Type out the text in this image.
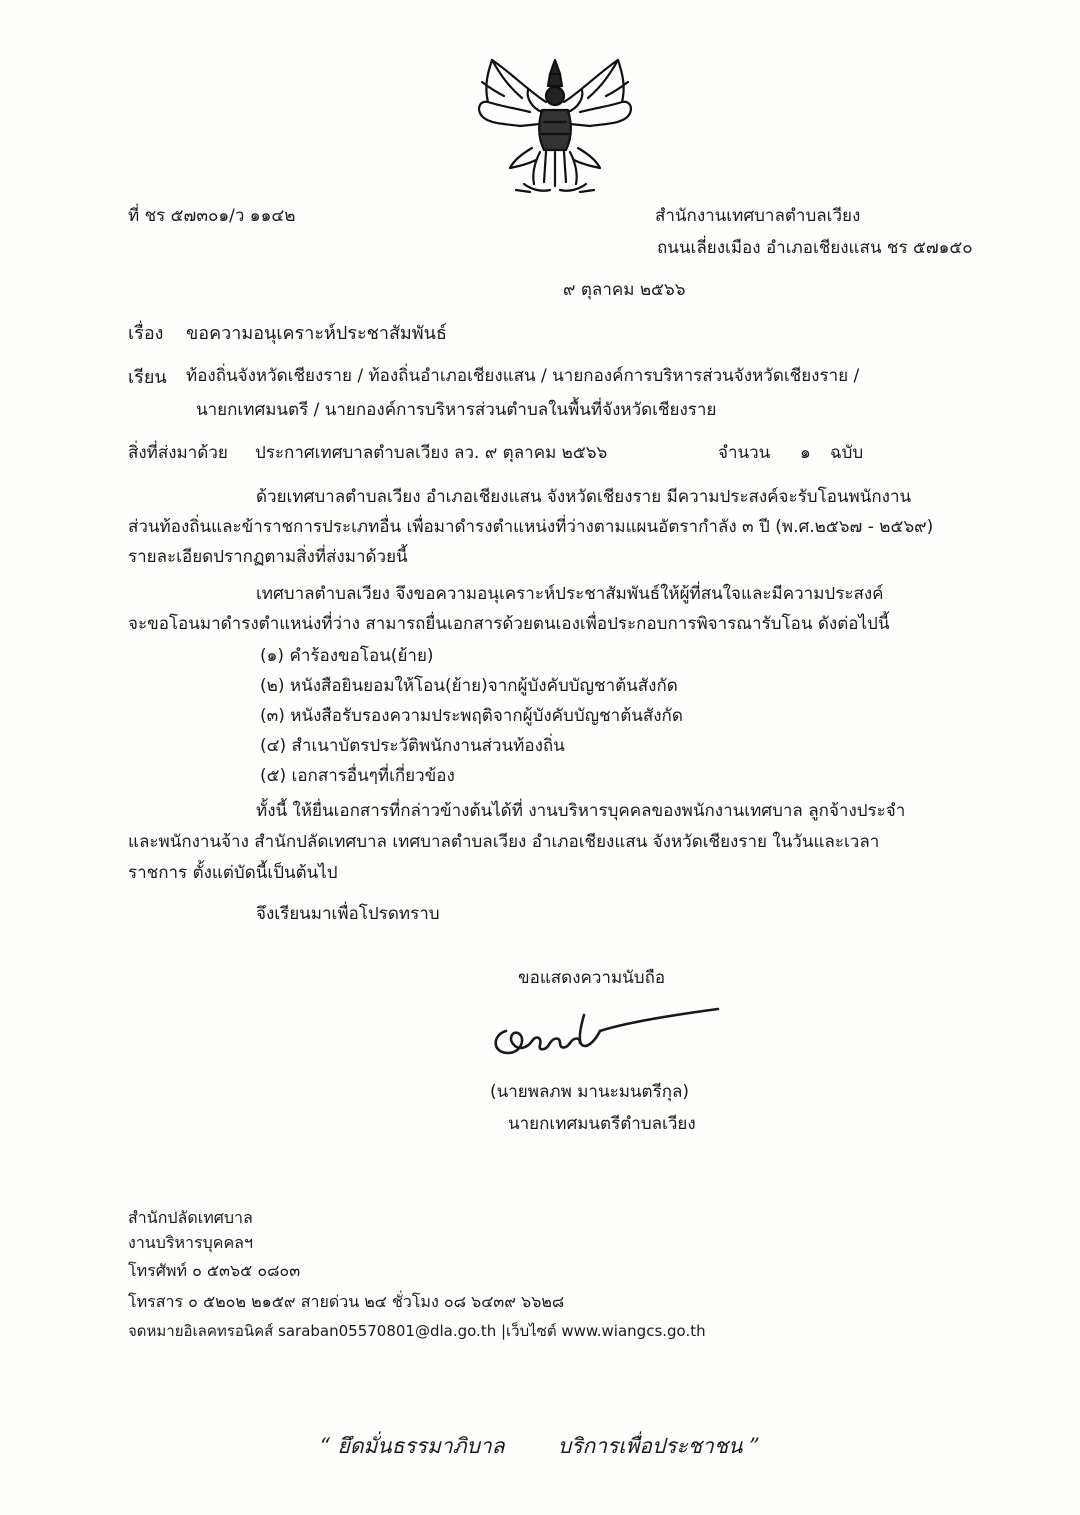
ที่ ชร ๕๗๓๐๑/ว ๑๑๔๒	สำนักงานเทศบาลตำบลเวียง
ถนนเลี่ยงเมือง อำเภอเชียงแสน ชร ๕๗๑๕๐
๙ ตุลาคม ๒๕๖๖
เรื่อง ขอความอนุเคราะห์ประชาสัมพันธ์
เรียน ท้องถิ่นจังหวัดเชียงราย / ท้องถิ่นอำเภอเชียงแสน / นายกองค์การบริหารส่วนจังหวัดเชียงราย /
นายกเทศมนตรี / นายกองค์การบริหารส่วนตำบลในพื้นที่จังหวัดเชียงราย
สิ่งที่ส่งมาด้วย ประกาศเทศบาลตำบลเวียง ลว. ๙ ตุลาคม ๒๕๖๖	จำนวน ๑ ฉบับ
ด้วยเทศบาลตำบลเวียง อำเภอเชียงแสน จังหวัดเชียงราย มีความประสงค์จะรับโอนพนักงาน
ส่วนท้องถิ่นและข้าราชการประเภทอื่น เพื่อมาดำรงตำแหน่งที่ว่างตามแผนอัตรากำลัง ๓ ปี (พ.ศ.๒๕๖๗ - ๒๕๖๙)
รายละเอียดปรากฏตามสิ่งที่ส่งมาด้วยนี้
เทศบาลตำบลเวียง จึงขอความอนุเคราะห์ประชาสัมพันธ์ให้ผู้ที่สนใจและมีความประสงค์
จะขอโอนมาดำรงตำแหน่งที่ว่าง สามารถยื่นเอกสารด้วยตนเองเพื่อประกอบการพิจารณารับโอน ดังต่อไปนี้
(๑) คำร้องขอโอน(ย้าย)
(๒) หนังสือยินยอมให้โอน(ย้าย)จากผู้บังคับบัญชาต้นสังกัด
(๓) หนังสือรับรองความประพฤติจากผู้บังคับบัญชาต้นสังกัด
(๔) สำเนาบัตรประวัติพนักงานส่วนท้องถิ่น
(๕) เอกสารอื่นๆที่เกี่ยวข้อง
ทั้งนี้ ให้ยื่นเอกสารที่กล่าวข้างต้นได้ที่ งานบริหารบุคคลของพนักงานเทศบาล ลูกจ้างประจำ
และพนักงานจ้าง สำนักปลัดเทศบาล เทศบาลตำบลเวียง อำเภอเชียงแสน จังหวัดเชียงราย ในวันและเวลา
ราชการ ตั้งแต่บัดนี้เป็นต้นไป
จึงเรียนมาเพื่อโปรดทราบ
ขอแสดงความนับถือ
(นายพลภพ มานะมนตรีกุล)
นายกเทศมนตรีตำบลเวียง
สำนักปลัดเทศบาล
งานบริหารบุคคลฯ
โทรศัพท์ ๐ ๕๓๖๕ ๐๘๐๓
โทรสาร ๐ ๕๒๐๒ ๒๑๕๙ สายด่วน ๒๔ ชั่วโมง ๐๘ ๖๔๓๙ ๖๖๒๘
จดหมายอิเลคทรอนิคส์ saraban05570801@dla.go.th |เว็บไซต์ www.wiangcs.go.th
“ ยึดมั่นธรรมาภิบาล	บริการเพื่อประชาชน ”
